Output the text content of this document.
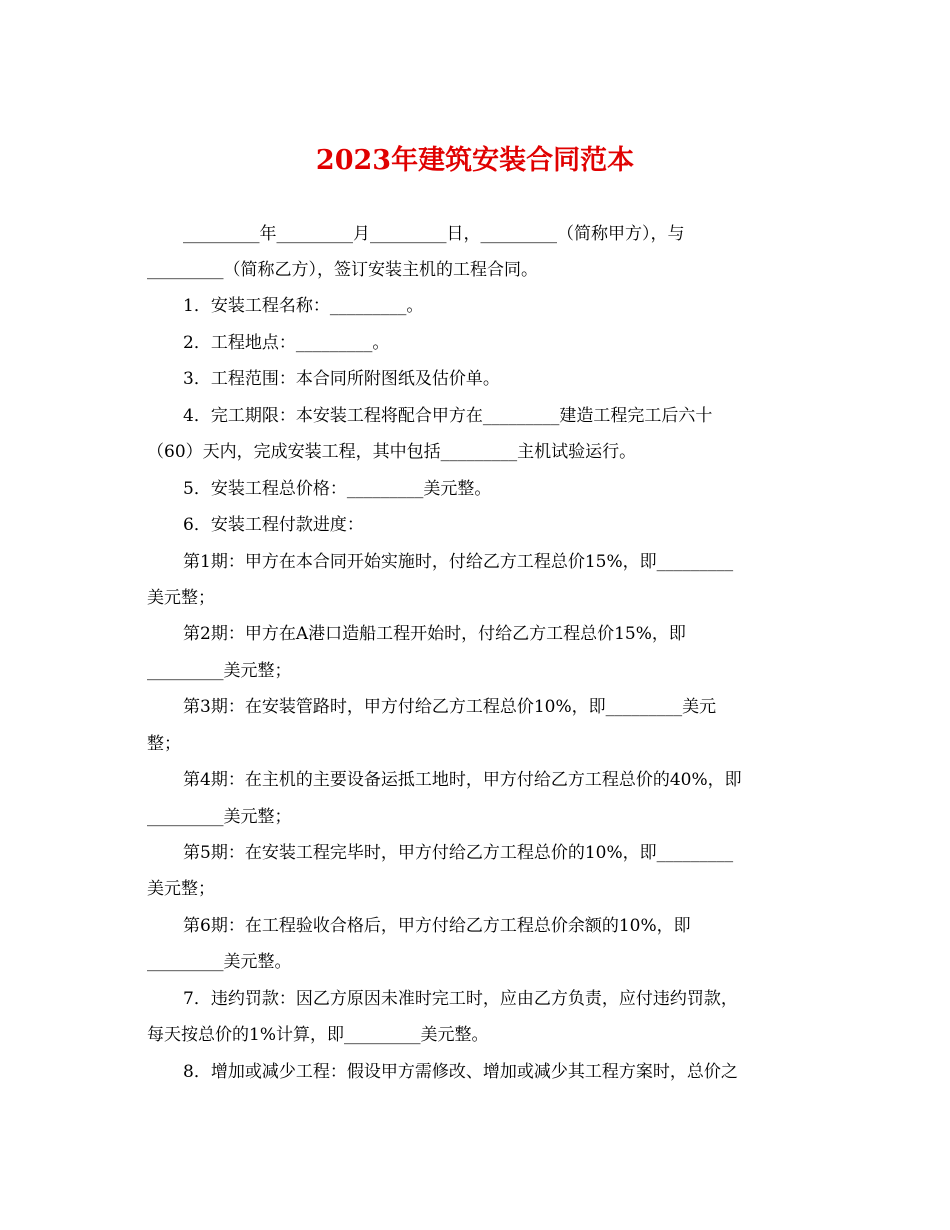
2023年建筑安装合同范本
_________年_________月_________日，_________（简称甲方），与
_________（简称乙方），签订安装主机的工程合同。
1．安装工程名称：_________。
2．工程地点：_________。
3．工程范围：本合同所附图纸及估价单。
4．完工期限：本安装工程将配合甲方在_________建造工程完工后六十
（60）天内，完成安装工程，其中包括_________主机试验运行。
5．安装工程总价格：_________美元整。
6．安装工程付款进度：
第1期：甲方在本合同开始实施时，付给乙方工程总价15%，即_________
美元整；
第2期：甲方在A港口造船工程开始时，付给乙方工程总价15%，即
_________美元整；
第3期：在安装管路时，甲方付给乙方工程总价10%，即_________美元
整；
第4期：在主机的主要设备运抵工地时，甲方付给乙方工程总价的40%，即
_________美元整；
第5期：在安装工程完毕时，甲方付给乙方工程总价的10%，即_________
美元整；
第6期：在工程验收合格后，甲方付给乙方工程总价余额的10%，即
_________美元整。
7．违约罚款：因乙方原因未准时完工时，应由乙方负责，应付违约罚款，
每天按总价的1%计算，即_________美元整。
8．增加或减少工程：假设甲方需修改、增加或减少其工程方案时，总价之
